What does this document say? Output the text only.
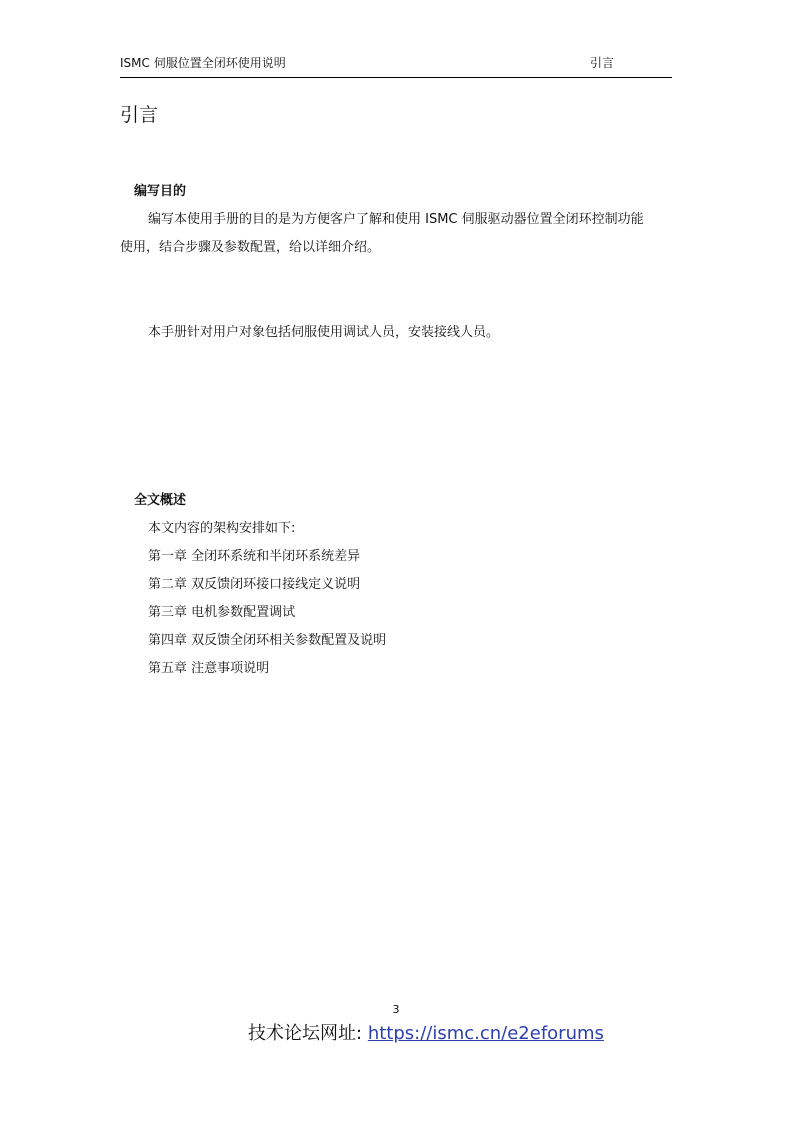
ISMC 伺服位置全闭环使用说明	引言
引言
编写目的
编写本使用手册的目的是为方便客户了解和使用 ISMC 伺服驱动器位置全闭环控制功能
使用，结合步骤及参数配置，给以详细介绍。
本手册针对用户对象包括伺服使用调试人员，安装接线人员。
全文概述
本文内容的架构安排如下:
第一章 全闭环系统和半闭环系统差异
第二章 双反馈闭环接口接线定义说明
第三章 电机参数配置调试
第四章 双反馈全闭环相关参数配置及说明
第五章 注意事项说明
3
技术论坛网址: https://ismc.cn/e2eforums
